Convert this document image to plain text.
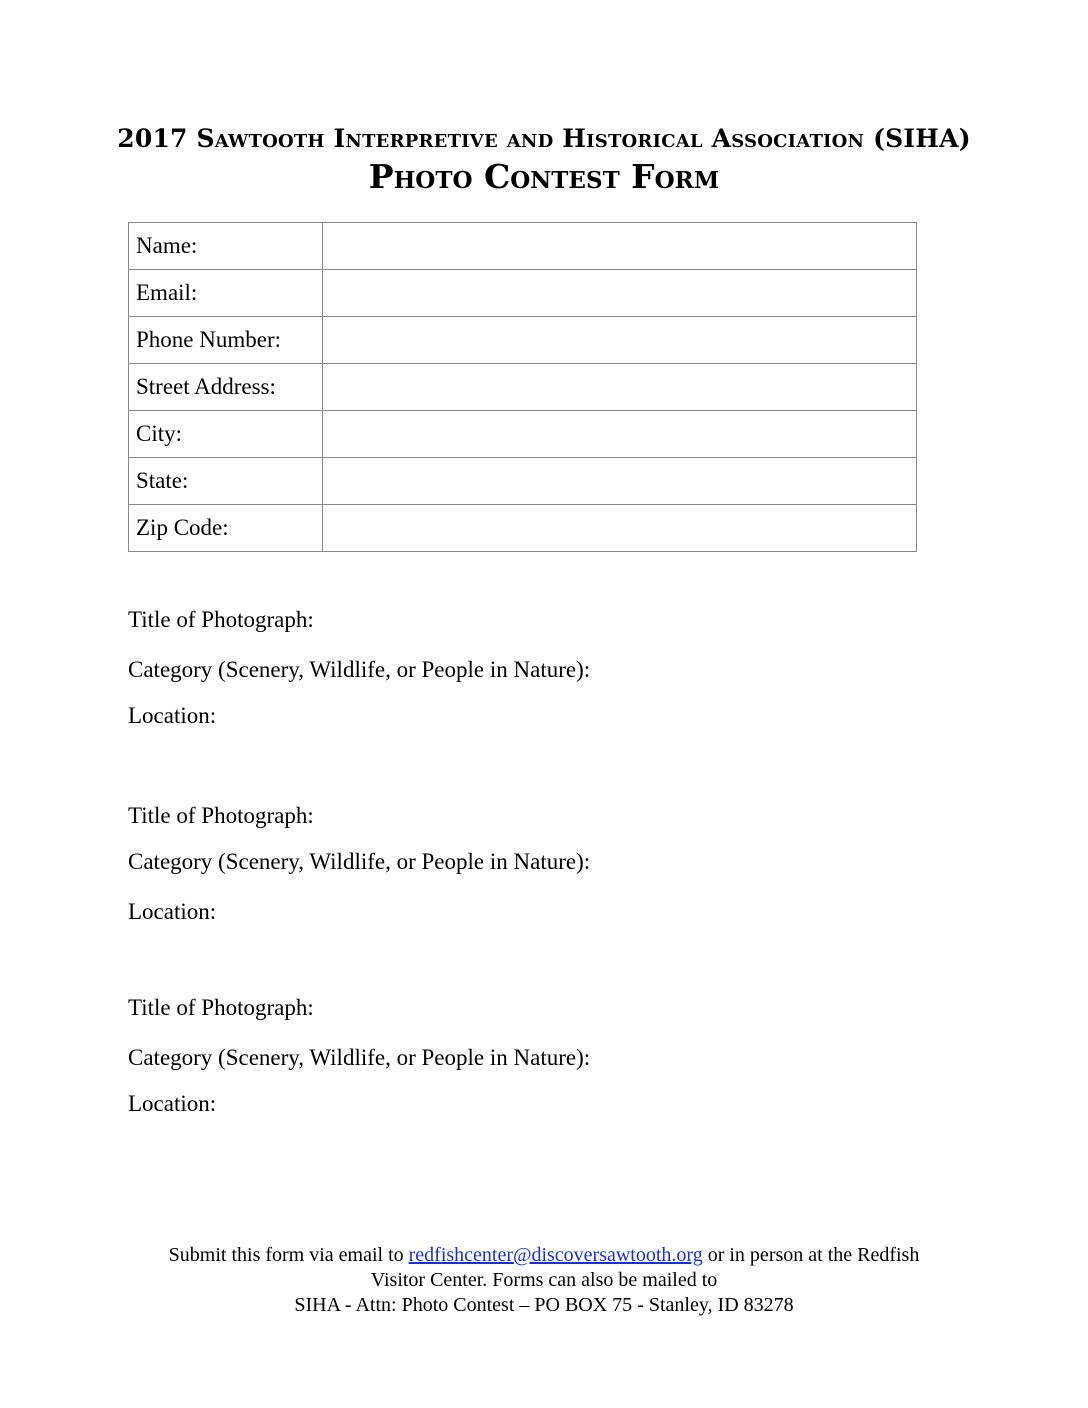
2017 Sawtooth Interpretive and Historical Association (SIHA)
Photo Contest Form
Name:	
Email:	
Phone Number:	
Street Address:	
City:	
State:	
Zip Code:	
Title of Photograph:
Category (Scenery, Wildlife, or People in Nature):
Location:
Title of Photograph:
Category (Scenery, Wildlife, or People in Nature):
Location:
Title of Photograph:
Category (Scenery, Wildlife, or People in Nature):
Location:
Submit this form via email to redfishcenter@discoversawtooth.org or in person at the Redfish
Visitor Center. Forms can also be mailed to
SIHA - Attn: Photo Contest – PO BOX 75 - Stanley, ID 83278
